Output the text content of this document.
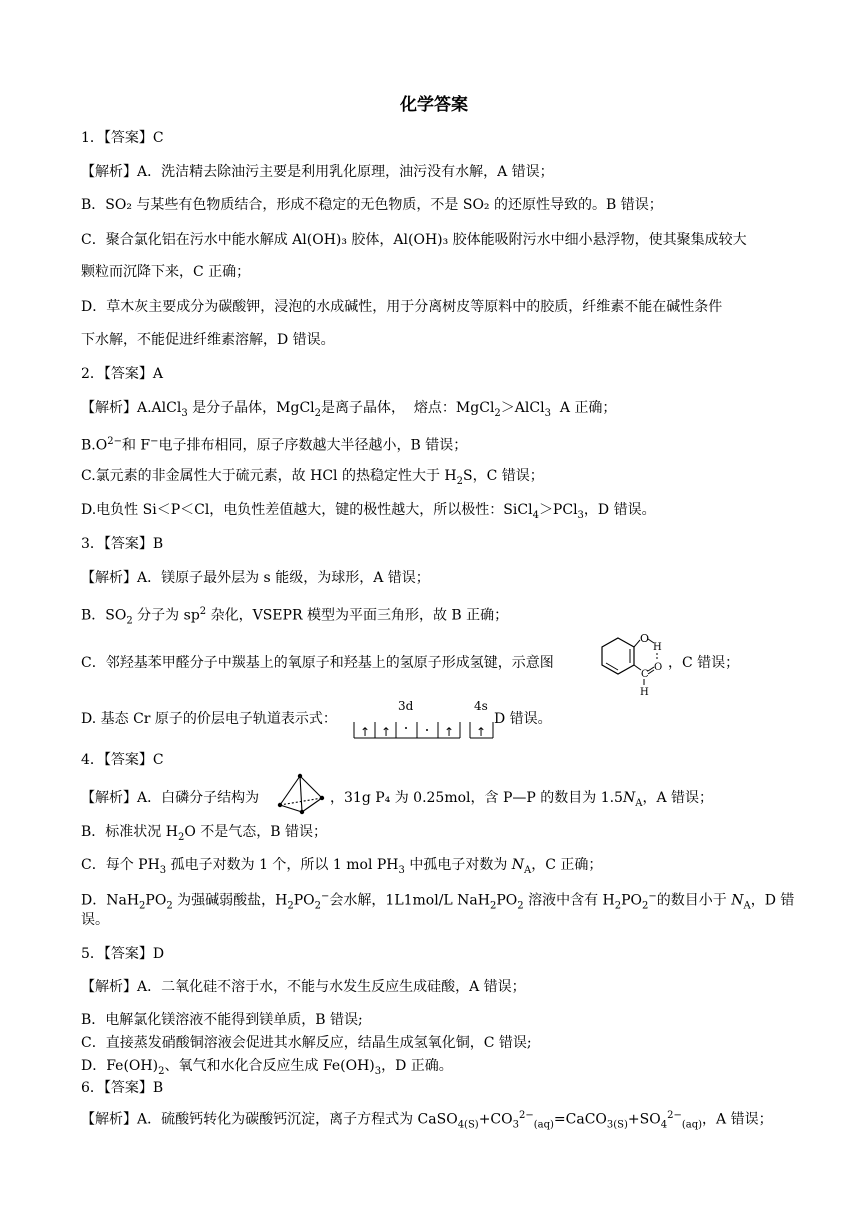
化学答案
1．【答案】C
【解析】A．洗洁精去除油污主要是利用乳化原理，油污没有水解，A 错误；
B．SO₂ 与某些有色物质结合，形成不稳定的无色物质，不是 SO₂ 的还原性导致的。B 错误；
C．聚合氯化铝在污水中能水解成 Al(OH)₃ 胶体，Al(OH)₃ 胶体能吸附污水中细小悬浮物，使其聚集成较大
颗粒而沉降下来，C 正确；
D．草木灰主要成分为碳酸钾，浸泡的水成碱性，用于分离树皮等原料中的胶质，纤维素不能在碱性条件
下水解，不能促进纤维素溶解，D 错误。
2．【答案】A
【解析】A.AlCl$_3$ 是分子晶体，MgCl$_2$是离子晶体，  熔点：MgCl$_2$＞AlCl$_3$  A 正确；
$B.O^{2-}$和 F−电子排布相同，原子序数越大半径越小，B 错误；
C.氯元素的非金属性大于硫元素，故 HCl 的热稳定性大于 $H_2S$，C 错误；
D.电负性 Si＜P＜Cl，电负性差值越大，键的极性越大，所以极性：SiCl$_4$＞PCl$_3$，D 错误。
3．【答案】B
【解析】A．镁原子最外层为 s 能级，为球形，A 错误；
B．$SO_2$ 分子为 $sp^2$ 杂化，VSEPR 模型为平面三角形，故 B 正确；
C．邻羟基苯甲醛分子中羰基上的氧原子和羟基上的氢原子形成氢键，示意图
D. 基态 Cr 原子的价层电子轨道表示式：
4．【答案】C
【解析】A．白磷分子结构为
B．标准状况 $H_2O$ 不是气态，B 错误；
C．每个 $PH_3$ 孤电子对数为 1 个，所以 1 mol $PH_3$ 中孤电子对数为 $N_A$，C 正确；
D．$NaH_2PO_2$ 为强碱弱酸盐，$H_2PO_2^-$会水解，1L1mol/L $NaH_2PO_2$ 溶液中含有 $H_2PO_2^-$的数目小于 $N_A$，D 错
误。
5．【答案】D
【解析】A．二氧化硅不溶于水，不能与水发生反应生成硅酸，A 错误；
B．电解氯化镁溶液不能得到镁单质，B 错误;
C．直接蒸发硝酸铜溶液会促进其水解反应，结晶生成氢氧化铜，C 错误;
D．$Fe(OH)_2$、氧气和水化合反应生成 $Fe(OH)_3$，D 正确。
6．【答案】B
【解析】A．硫酸钙转化为碳酸钙沉淀，离子方程式为 $CaSO_{4(S)}+CO_3^{2-}_{(aq)}=CaCO_{3(S)}+SO_4^{2-}_{(aq)}$，A 错误；
O
H
C
O
H
，C 错误；
3d	4s
↑ ↑	↑ ↑
D 错误。
，31g P₄ 为 0.25mol，含 P—P 的数目为 $1.5N_A$，A 错误；
